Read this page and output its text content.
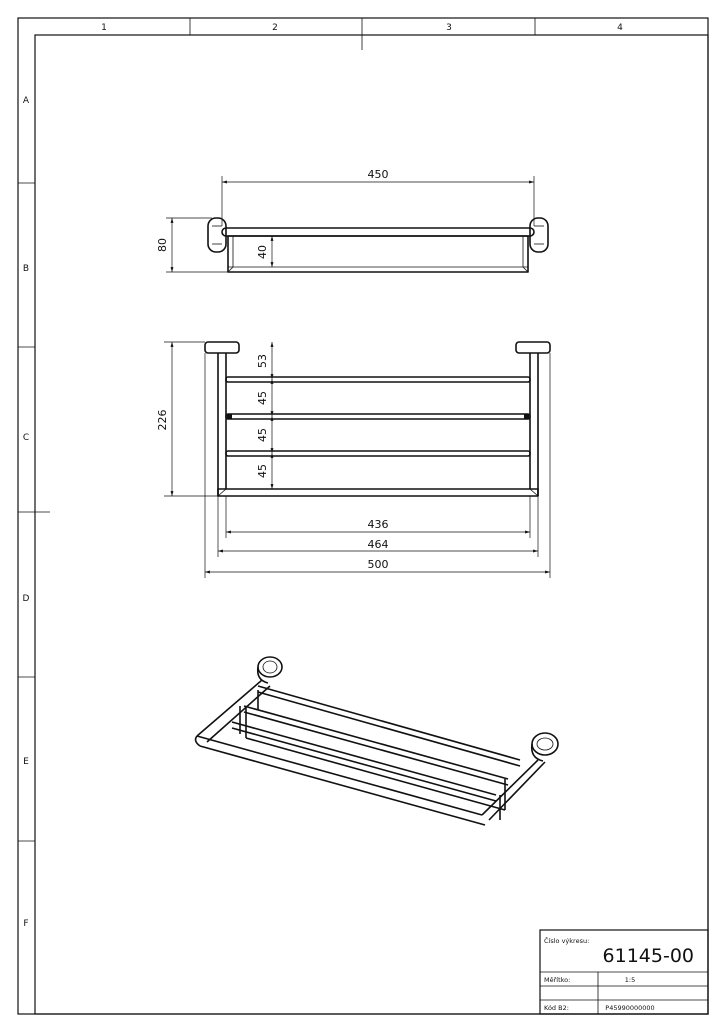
1	2	3	4
A
B
C
D
E
F
450
80	40
226
53
45
45
45
436
464
500
Číslo výkresu:
61145-00
Měřítko:	1:5
Kód B2:	P45990000000
